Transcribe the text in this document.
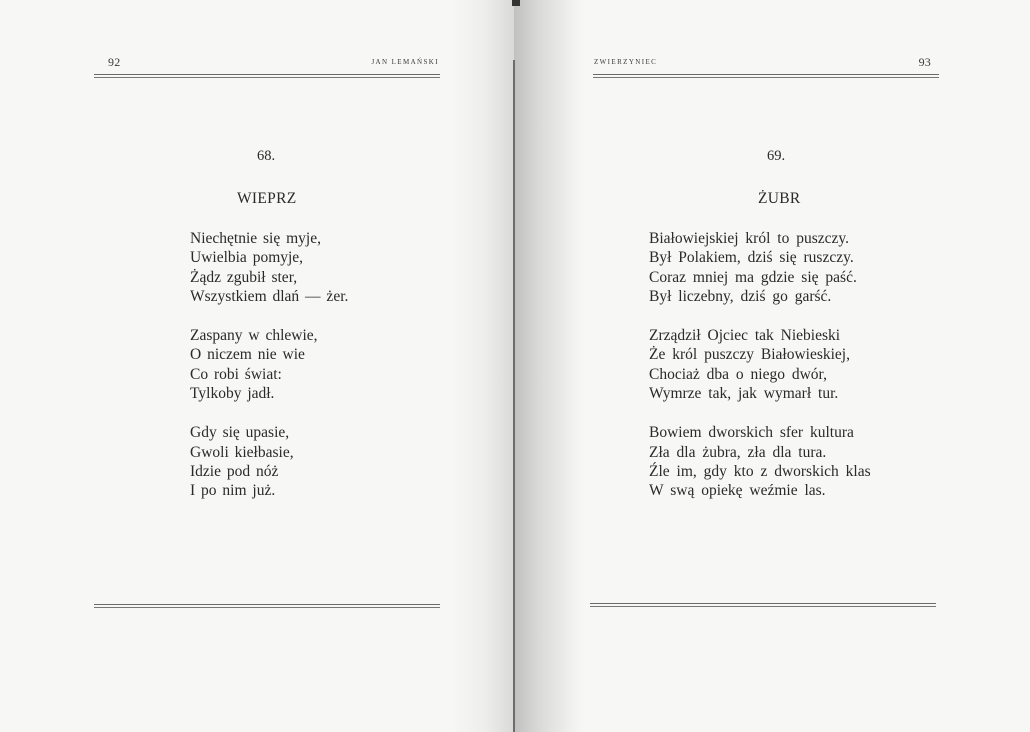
92	JAN LEMAŃSKI
68.
WIEPRZ
Niechętnie się myje,
Uwielbia pomyje,
Żądz zgubił ster,
Wszystkiem dlań — żer.
Zaspany w chlewie,
O niczem nie wie
Co robi świat:
Tylkoby jadł.
Gdy się upasie,
Gwoli kiełbasie,
Idzie pod nóż
I po nim już.
ZWIERZYNIEC	93
69.
ŻUBR
Białowiejskiej król to puszczy.
Był Polakiem, dziś się ruszczy.
Coraz mniej ma gdzie się paść.
Był liczebny, dziś go garść.
Zrządził Ojciec tak Niebieski
Że król puszczy Białowieskiej,
Chociaż dba o niego dwór,
Wymrze tak, jak wymarł tur.
Bowiem dworskich sfer kultura
Zła dla żubra, zła dla tura.
Źle im, gdy kto z dworskich klas
W swą opiekę weźmie las.
